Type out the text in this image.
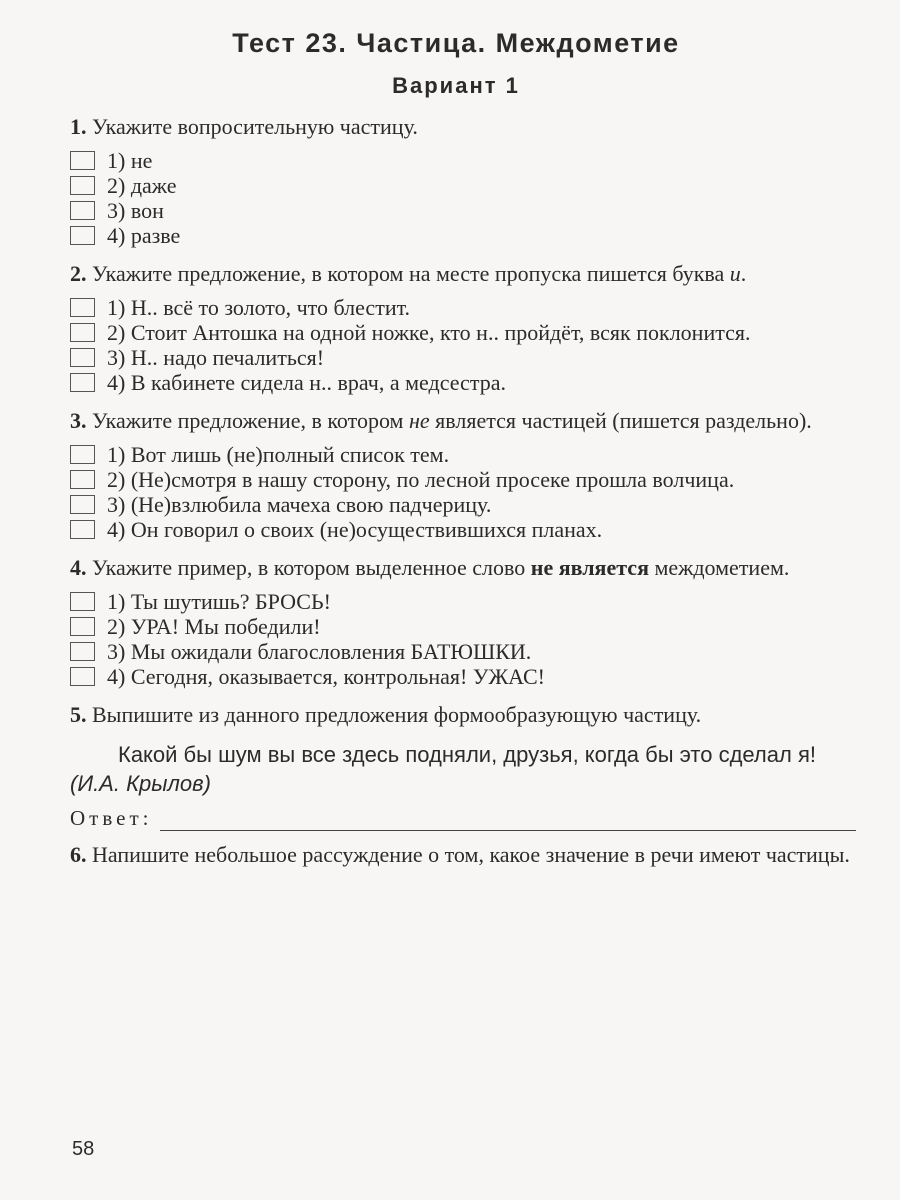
Тест 23. Частица. Междометие
Вариант 1

1. Укажите вопросительную частицу.

1) не
2) даже
3) вон
4) разве

2. Укажите предложение, в котором на месте пропуска пишется буква и.

1) Н.. всё то золото, что блестит.
2) Стоит Антошка на одной ножке, кто н.. пройдёт, всяк поклонится.
3) Н.. надо печалиться!
4) В кабинете сидела н.. врач, а медсестра.

3. Укажите предложение, в котором не является частицей (пишется раздельно).

1) Вот лишь (не)полный список тем.
2) (Не)смотря в нашу сторону, по лесной просеке прошла волчица.
3) (Не)взлюбила мачеха свою падчерицу.
4) Он говорил о своих (не)осуществившихся планах.

4. Укажите пример, в котором выделенное слово не является междометием.

1) Ты шутишь? БРОСЬ!
2) УРА! Мы победили!
3) Мы ожидали благословления БАТЮШКИ.
4) Сегодня, оказывается, контрольная! УЖАС!

5. Выпишите из данного предложения формообразующую частицу.

Какой бы шум вы все здесь подняли, друзья, когда бы это сделал я! (И.А. Крылов)

Ответ:

6. Напишите небольшое рассуждение о том, какое значение в речи имеют частицы.

58
